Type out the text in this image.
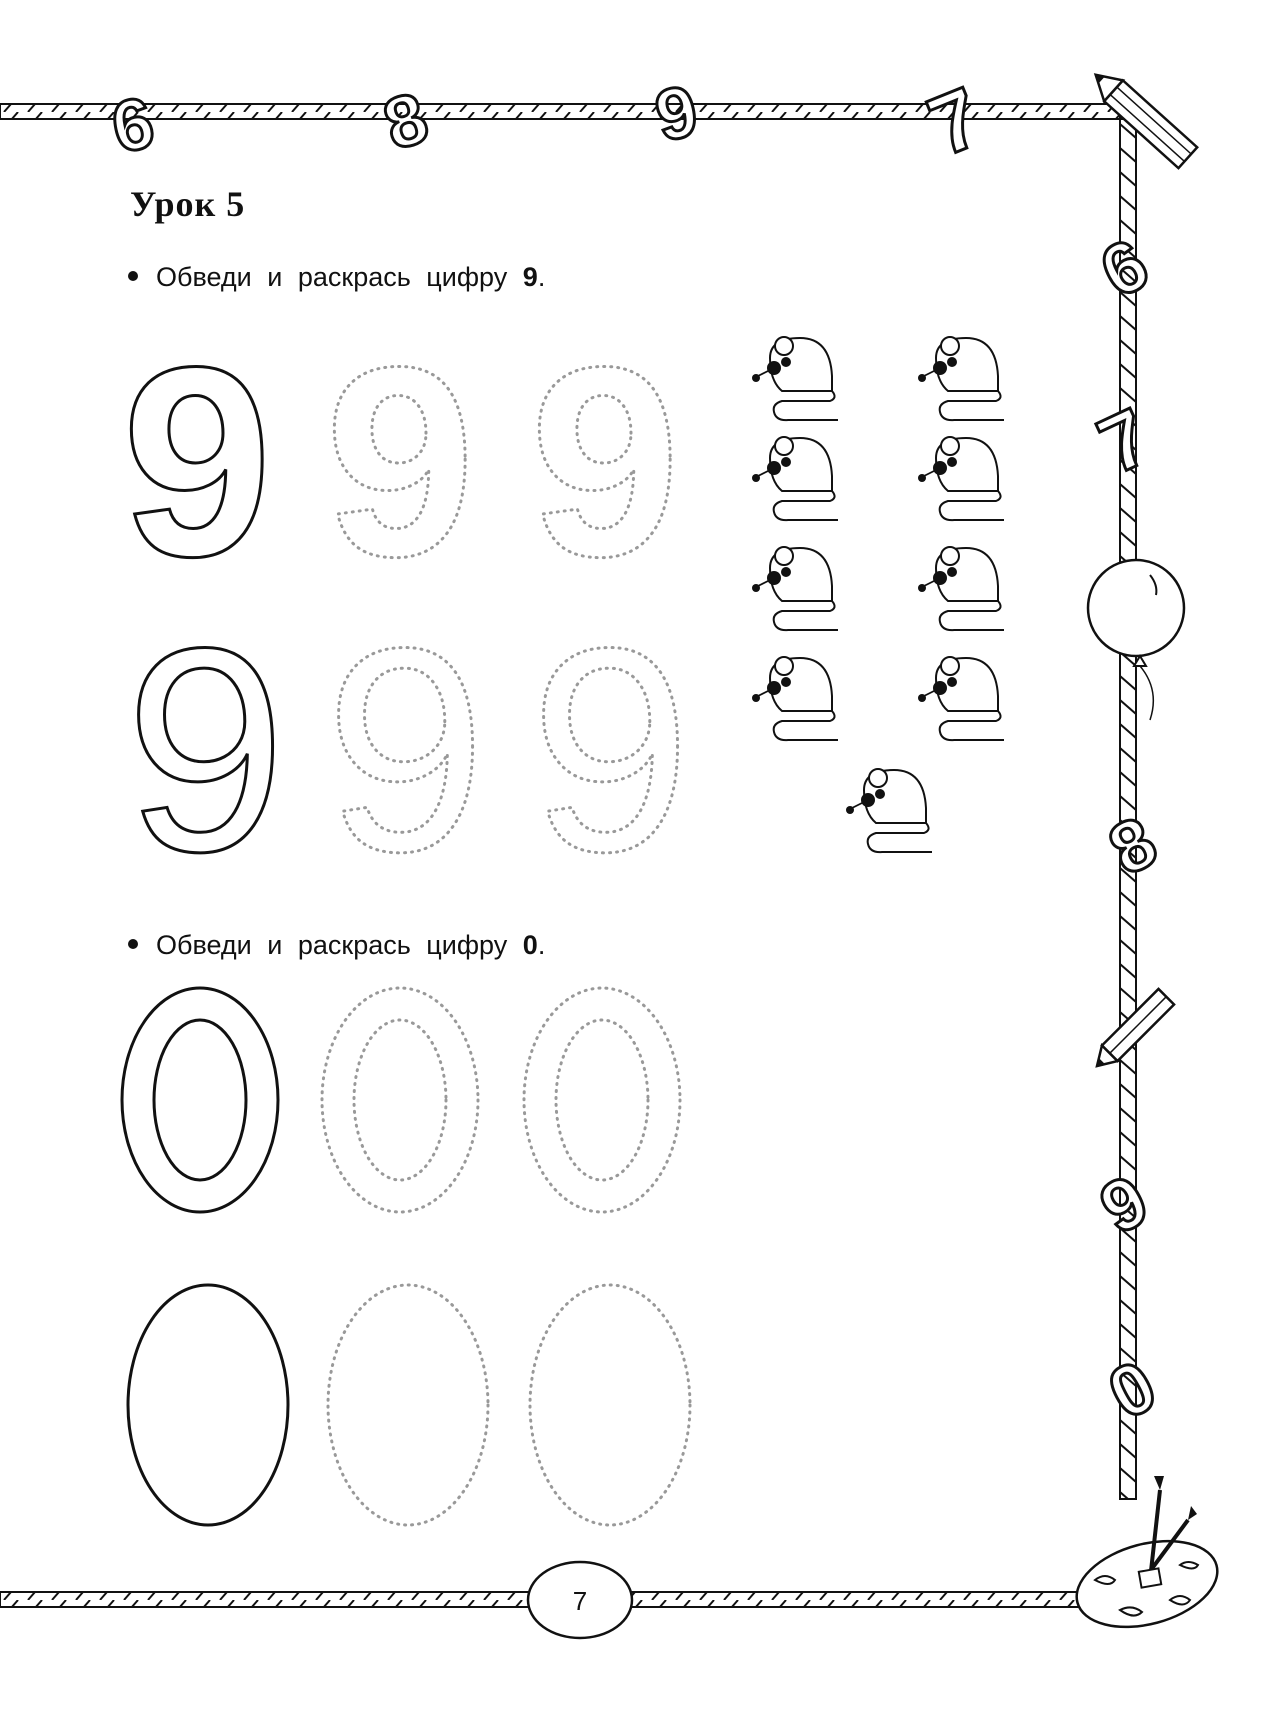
6	8	9	7
6
7
8
9
0
Урок 5
Обведи и раскрась цифру 9.
Обведи и раскрась цифру 0.
9 9 9
9 9 9
7
